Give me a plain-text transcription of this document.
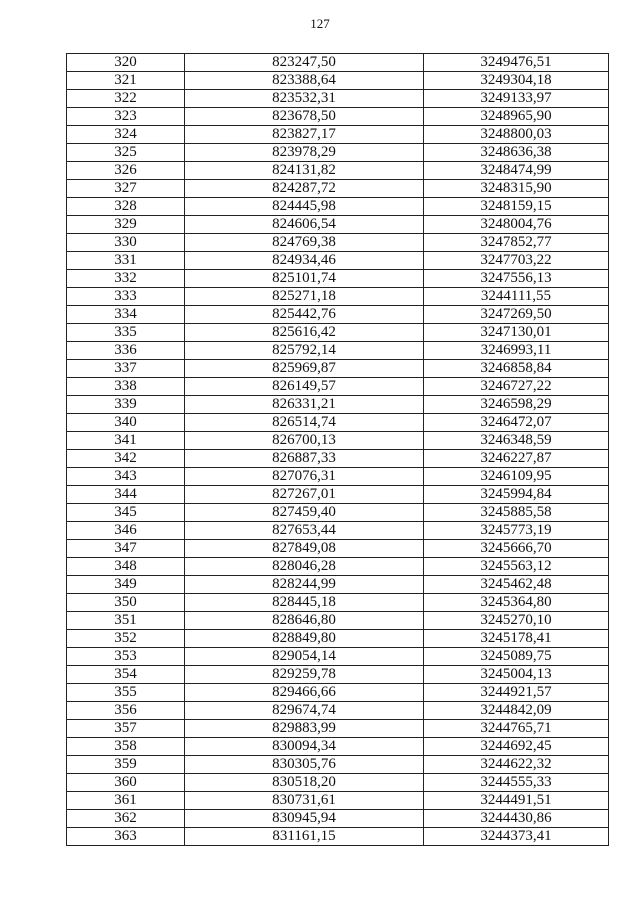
127
320	823247,50	3249476,51
321	823388,64	3249304,18
322	823532,31	3249133,97
323	823678,50	3248965,90
324	823827,17	3248800,03
325	823978,29	3248636,38
326	824131,82	3248474,99
327	824287,72	3248315,90
328	824445,98	3248159,15
329	824606,54	3248004,76
330	824769,38	3247852,77
331	824934,46	3247703,22
332	825101,74	3247556,13
333	825271,18	3244111,55
334	825442,76	3247269,50
335	825616,42	3247130,01
336	825792,14	3246993,11
337	825969,87	3246858,84
338	826149,57	3246727,22
339	826331,21	3246598,29
340	826514,74	3246472,07
341	826700,13	3246348,59
342	826887,33	3246227,87
343	827076,31	3246109,95
344	827267,01	3245994,84
345	827459,40	3245885,58
346	827653,44	3245773,19
347	827849,08	3245666,70
348	828046,28	3245563,12
349	828244,99	3245462,48
350	828445,18	3245364,80
351	828646,80	3245270,10
352	828849,80	3245178,41
353	829054,14	3245089,75
354	829259,78	3245004,13
355	829466,66	3244921,57
356	829674,74	3244842,09
357	829883,99	3244765,71
358	830094,34	3244692,45
359	830305,76	3244622,32
360	830518,20	3244555,33
361	830731,61	3244491,51
362	830945,94	3244430,86
363	831161,15	3244373,41
